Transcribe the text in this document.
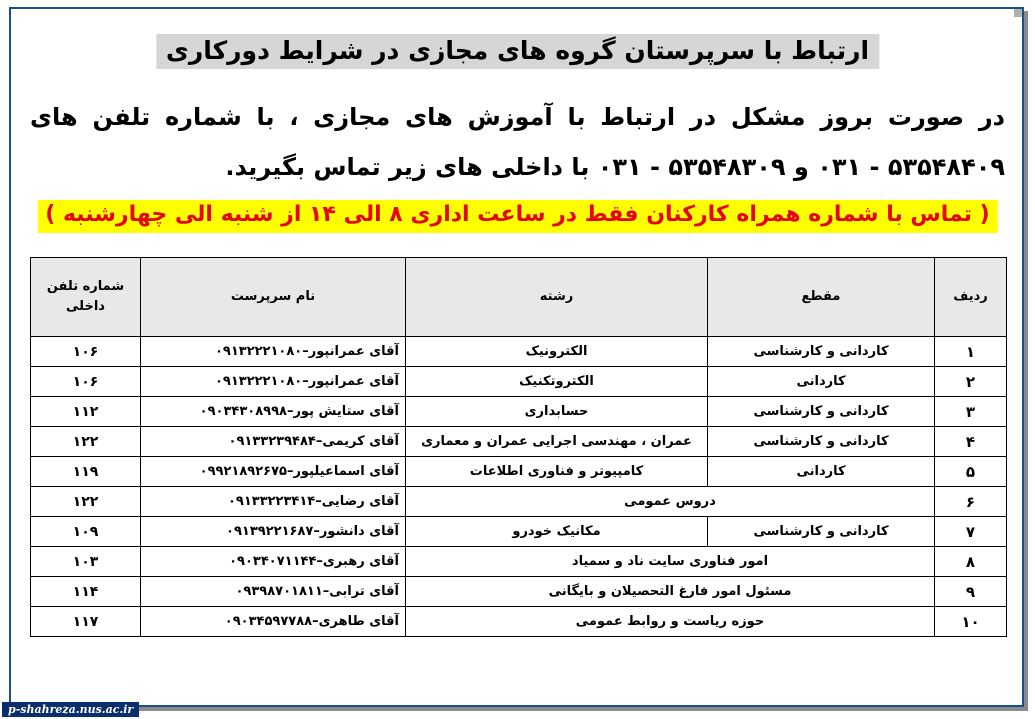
ارتباط با سرپرستان گروه های مجازی در شرایط دورکاری
در صورت بروز مشکل در ارتباط با آموزش های مجازی ، با شماره تلفن های ۵۳۵۴۸۴۰۹ - ۰۳۱ و ۵۳۵۴۸۳۰۹ - ۰۳۱ با داخلی های زیر تماس بگیرید.
( تماس با شماره همراه کارکنان فقط در ساعت اداری ۸ الی ۱۴ از شنبه الی چهارشنبه )
ردیف	مقطع	رشته	نام سرپرست	شماره تلفن
داخلی

۱	کاردانی و کارشناسی	الکترونیک	آقای عمرانپور–۰۹۱۳۲۲۲۱۰۸۰	۱۰۶
۲	کاردانی	الکتروتکنیک	آقای عمرانپور–۰۹۱۳۲۲۲۱۰۸۰	۱۰۶
۳	کاردانی و کارشناسی	حسابداری	آقای ستایش پور–۰۹۰۳۴۳۰۸۹۹۸	۱۱۲
۴	کاردانی و کارشناسی	عمران ، مهندسی اجرایی عمران و معماری	آقای کریمی–۰۹۱۳۳۲۳۹۴۸۴	۱۲۲
۵	کاردانی	کامپیوتر و فناوری اطلاعات	آقای اسماعیلپور–۰۹۹۲۱۸۹۲۶۷۵	۱۱۹
۶	دروس عمومی		آقای رضایی–۰۹۱۳۳۲۲۳۴۱۴	۱۲۲
۷	کاردانی و کارشناسی	مکانیک خودرو	آقای دانشور–۰۹۱۳۹۲۲۱۶۸۷	۱۰۹
۸	امور فناوری سایت ناد و سمیاد		آقای رهبری–۰۹۰۳۴۰۷۱۱۴۴	۱۰۳
۹	مسئول امور فارغ التحصیلان و بایگانی		آقای ترابی–۰۹۳۹۸۷۰۱۸۱۱	۱۱۴
۱۰	حوزه ریاست و روابط عمومی		آقای طاهری–۰۹۰۳۴۵۹۷۷۸۸	۱۱۷
p-shahreza.nus.ac.ir
